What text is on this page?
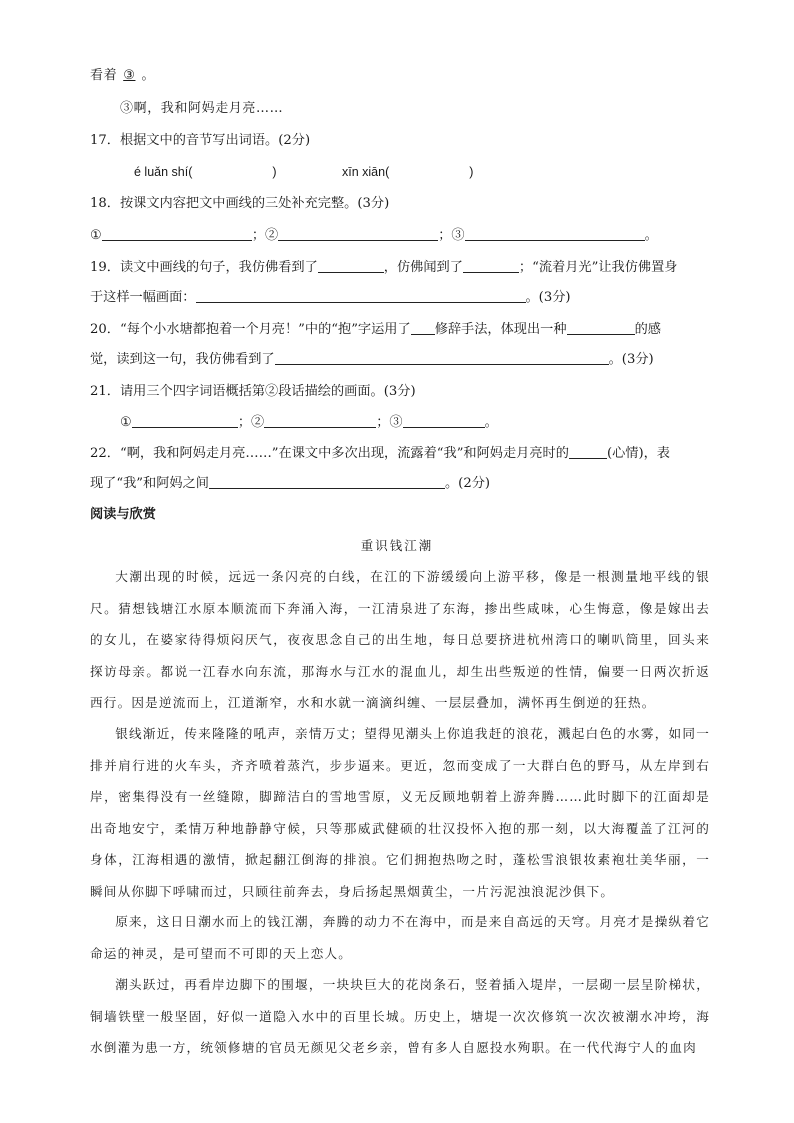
看着 ③ 。
③啊，我和阿妈走月亮……
17．根据文中的音节写出词语。(2分)
é luǎn shí(	)	xīn xiān(	)
18．按课文内容把文中画线的三处补充完整。(3分)
①	；②	；③	。
19．读文中画线的句子，我仿佛看到了	，仿佛闻到了	；“流着月光”让我仿佛置身
于这样一幅画面：	。(3分)
20．“每个小水塘都抱着一个月亮！”中的“抱”字运用了 修辞手法，体现出一种	的感
觉，读到这一句，我仿佛看到了	。(3分)
21．请用三个四字词语概括第②段话描绘的画面。(3分)
①	；②	；③	。
22．“啊，我和阿妈走月亮……”在课文中多次出现，流露着“我”和阿妈走月亮时的	(心情)，表
现了“我”和阿妈之间	。(2分)
阅读与欣赏
重识钱江潮

大潮出现的时候，远远一条闪亮的白线，在江的下游缓缓向上游平移，像是一根测量地平线的银尺。猜想钱塘江水原本顺流而下奔涌入海，一江清泉进了东海，掺出些咸味，心生悔意，像是嫁出去的女儿，在婆家待得烦闷厌气，夜夜思念自己的出生地，每日总要挤进杭州湾口的喇叭筒里，回头来探访母亲。都说一江春水向东流，那海水与江水的混血儿，却生出些叛逆的性情，偏要一日两次折返西行。因是逆流而上，江道渐窄，水和水就一滴滴纠缠、一层层叠加，满怀再生倒逆的狂热。

银线渐近，传来隆隆的吼声，亲情万丈；望得见潮头上你追我赶的浪花，溅起白色的水雾，如同一排并肩行进的火车头，齐齐喷着蒸汽，步步逼来。更近，忽而变成了一大群白色的野马，从左岸到右岸，密集得没有一丝缝隙，脚蹄洁白的雪地雪原，义无反顾地朝着上游奔腾……此时脚下的江面却是出奇地安宁，柔情万种地静静守候，只等那威武健硕的壮汉投怀入抱的那一刻，以大海覆盖了江河的身体，江海相遇的激情，掀起翻江倒海的排浪。它们拥抱热吻之时，蓬松雪浪银妆素袍壮美华丽，一瞬间从你脚下呼啸而过，只顾往前奔去，身后扬起黑烟黄尘，一片污泥浊浪泥沙俱下。

原来，这日日潮水而上的钱江潮，奔腾的动力不在海中，而是来自高远的天穹。月亮才是操纵着它命运的神灵，是可望而不可即的天上恋人。

潮头跃过，再看岸边脚下的围堰，一块块巨大的花岗条石，竖着插入堤岸，一层砌一层呈阶梯状，铜墙铁壁一般坚固，好似一道隐入水中的百里长城。历史上，塘堤一次次修筑一次次被潮水冲垮，海水倒灌为患一方，统领修塘的官员无颜见父老乡亲，曾有多人自愿投水殉职。在一代代海宁人的血肉
